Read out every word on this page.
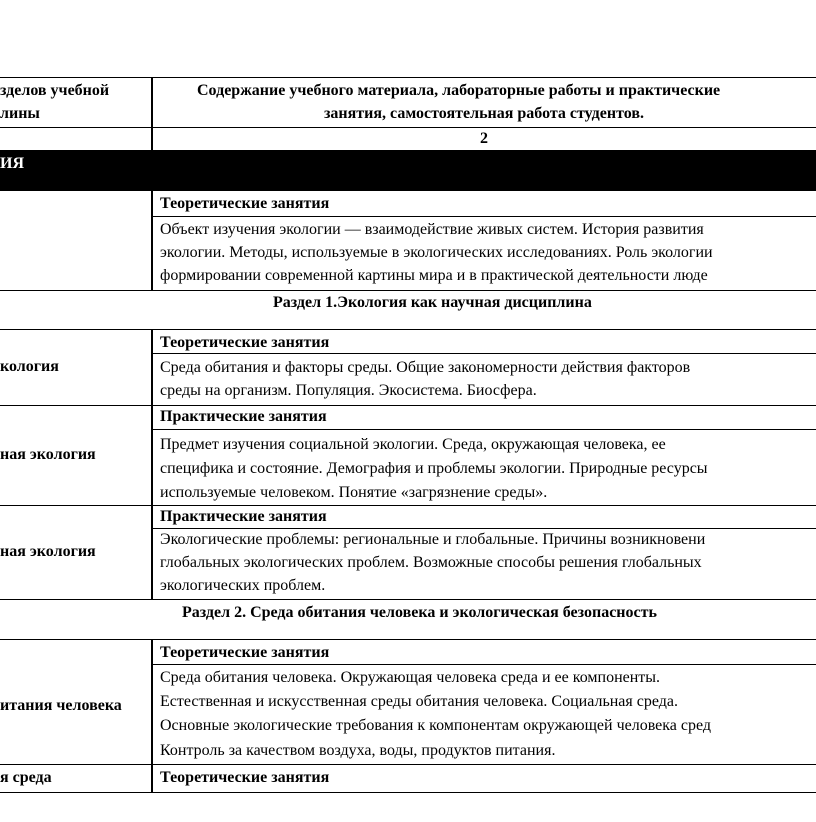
зделов учебной
лины
Содержание учебного материала, лабораторные работы и практические
занятия, самостоятельная работа студентов.
2
ИЯ
Теоретические занятия
Объект изучения экологии — взаимодействие живых систем. История развития
экологии. Методы, используемые в экологических исследованиях. Роль экологии
формировании современной картины мира и в практической деятельности люде
Раздел 1.Экология как научная дисциплина
кология
Теоретические занятия
Среда обитания и факторы среды. Общие закономерности действия факторов
среды на организм. Популяция. Экосистема. Биосфера.
ная экология
Практические занятия
Предмет изучения социальной экологии. Среда, окружающая человека, ее
специфика и состояние. Демография и проблемы экологии. Природные ресурсы
используемые человеком. Понятие «загрязнение среды».
ная экология
Практические занятия
Экологические проблемы: региональные и глобальные. Причины возникновени
глобальных экологических проблем. Возможные способы решения глобальных
экологических проблем.
Раздел 2. Среда обитания человека и экологическая безопасность
итания человека
Теоретические занятия
Среда обитания человека. Окружающая человека среда и ее компоненты.
Естественная и искусственная среды обитания человека. Социальная среда.
Основные экологические требования к компонентам окружающей человека сред
Контроль за качеством воздуха, воды, продуктов питания.
я среда	Теоретические занятия
